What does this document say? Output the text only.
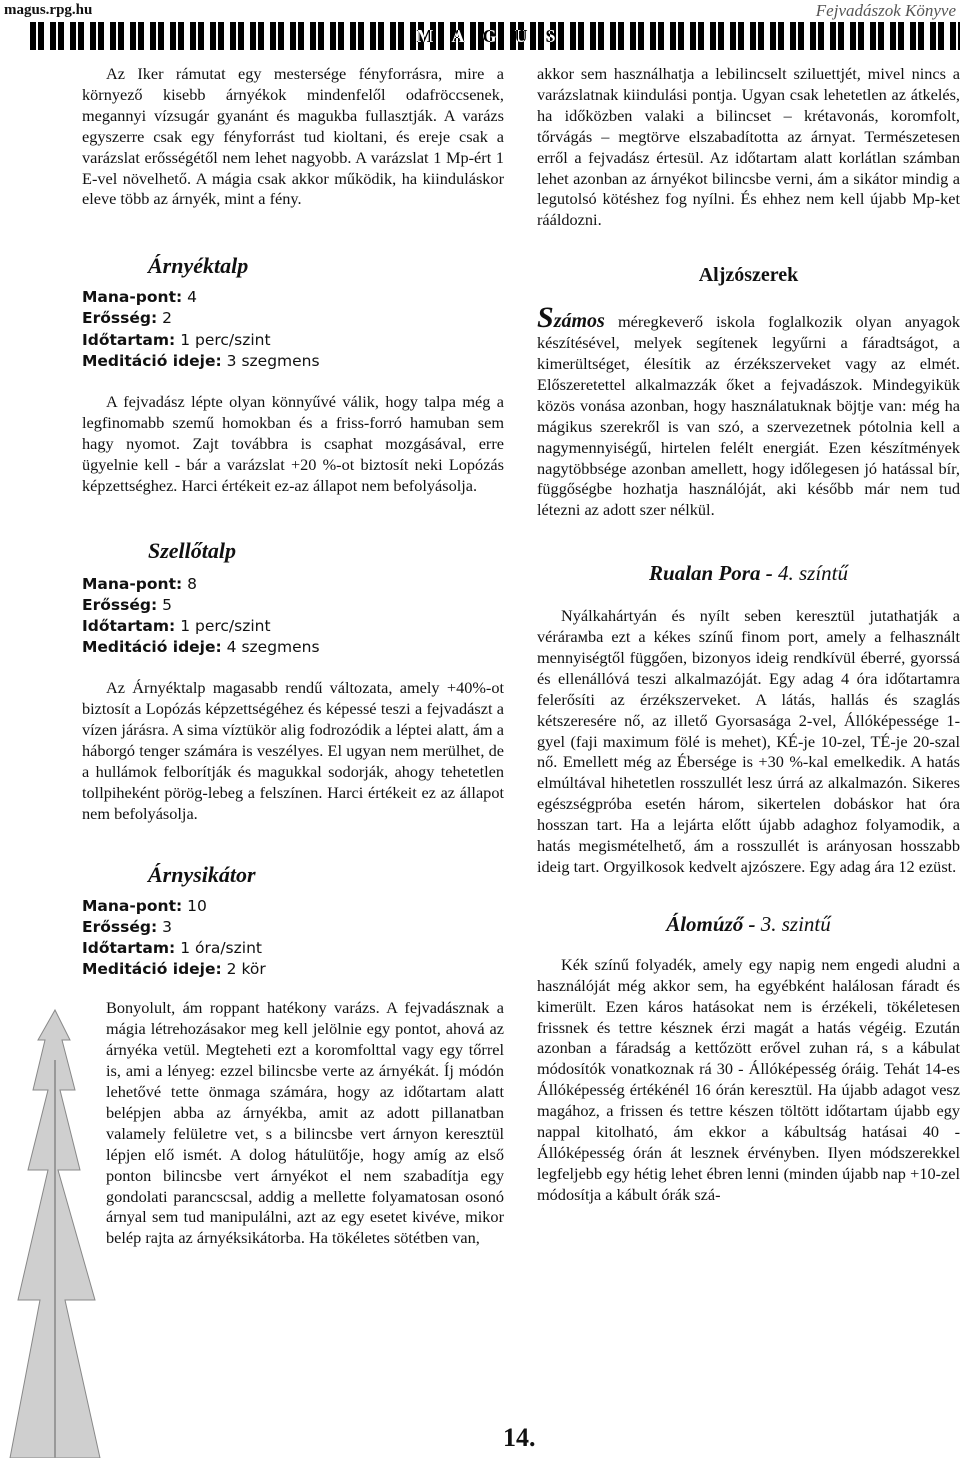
magus.rpg.hu	Fejvadászok Könyve
MAGUS

Az Iker rámutat egy mestersége fényforrásra, mire a környező kisebb árnyékok mindenfelől odafröccsenek, megannyi vízsugár gyanánt és magukba fullasztják. A varázs egyszerre csak egy fényforrást tud kioltani, és ereje csak a varázslat erősségétől nem lehet nagyobb. A varázslat 1 Mp-ért 1 E-vel növelhető. A mágia csak akkor működik, ha kiinduláskor eleve több az árnyék, mint a fény.

Árnyéktalp

Mana-pont: 4
Erősség: 2
Időtartam: 1 perc/szint
Meditáció ideje: 3 szegmens

A fejvadász lépte olyan könnyűvé válik, hogy talpa még a legfinomabb szemű homokban és a friss-forró hamuban sem hagy nyomot. Zajt továbbra is csaphat mozgásával, erre ügyelnie kell - bár a varázslat +20 %-ot biztosít neki Lopózás képzettséghez. Harci értékeit ez-az állapot nem befolyásolja.

Szellőtalp

Mana-pont: 8
Erősség: 5
Időtartam: 1 perc/szint
Meditáció ideje: 4 szegmens

Az Árnyéktalp magasabb rendű változata, amely +40%-ot biztosít a Lopózás képzettségéhez és képessé teszi a fejvadászt a vízen járásra. A sima víztükör alig fodrozódik a léptei alatt, ám a háborgó tenger számára is veszélyes. El ugyan nem merülhet, de a hullámok felborítják és magukkal sodorják, ahogy tehetetlen tollpiheként pörög-lebeg a felszínen. Harci értékeit ez az állapot nem befolyásolja.

Árnysikátor

Mana-pont: 10
Erősség: 3
Időtartam: 1 óra/szint
Meditáció ideje: 2 kör

Bonyolult, ám roppant hatékony varázs. A fejvadásznak a mágia létrehozásakor meg kell jelölnie egy pontot, ahová az árnyéka vetül. Megteheti ezt a koromfolttal vagy egy tőrrel is, ami a lényeg: ezzel bilincsbe verte az árnyékát. Íj módón lehetővé tette önmaga számára, hogy az időtartam alatt belépjen abba az árnyékba, amit az adott pillanatban valamely felületre vet, s a bilincsbe vert árnyon keresztül lépjen elő ismét. A dolog hátulütője, hogy amíg az első ponton bilincsbe vert árnyékot el nem szabadítja egy gondolati parancscsal, addig a mellette folyamatosan osonó árnyal sem tud manipulálni, azt az egy esetet kivéve, mikor belép rajta az árnyéksikátorba. Ha tökéletes sötétben van,

akkor sem használhatja a lebilincselt sziluettjét, mivel nincs a varázslatnak kiindulási pontja. Ugyan csak lehetetlen az átkelés, ha időközben valaki a bilincset – krétavonás, koromfolt, tőrvágás – megtörve elszabadította az árnyat. Természetesen erről a fejvadász értesül. Az időtartam alatt korlátlan számban lehet azonban az árnyékot bilincsbe verni, ám a sikátor mindig a legutolsó kötéshez fog nyílni. És ehhez nem kell újabb Mp-ket rááldozni.

Aljzószerek

Számos méregkeverő iskola foglalkozik olyan anyagok készítésével, melyek segítenek legyűrni a fáradtságot, a kimerültséget, élesítik az érzékszerveket vagy az elmét. Előszeretettel alkalmazzák őket a fejvadászok. Mindegyikük közös vonása azonban, hogy használatuknak böjtje van: még ha mágikus szerekről is van szó, a szervezetnek pótolnia kell a nagymennyiségű, hirtelen felélt energiát. Ezen készítmények nagytöbbsége azonban amellett, hogy időlegesen jó hatással bír, függőségbe hozhatja használóját, aki később már nem tud létezni az adott szer nélkül.

Rualan Pora - 4. színtű

Nyálkahártyán és nyílt seben keresztül jutathatják a vérárамba ezt a kékes színű finom port, amely a felhasznált mennyiségtől függően, bizonyos ideig rendkívül éberré, gyorssá és ellenállóvá teszi alkalmazóját. Egy adag 4 óra időtartamra felerősíti az érzékszerveket. A látás, hallás és szaglás kétszeresére nő, az illető Gyorsasága 2-vel, Állóképessége 1-gyel (faji maximum fölé is mehet), KÉ-je 10-zel, TÉ-je 20-szal nő. Emellett még az Ébersége is +30 %-kal emelkedik. A hatás elmúltával hihetetlen rosszullét lesz úrrá az alkalmazón. Sikeres egészségpróba esetén három, sikertelen dobáskor hat óra hosszan tart. Ha a lejárta előtt újabb adaghoz folyamodik, a hatás megismételhető, ám a rosszullét is arányosan hosszabb ideig tart. Orgyilkosok kedvelt ajzószere. Egy adag ára 12 ezüst.

Álomúző - 3. szintű

Kék színű folyadék, amely egy napig nem engedi aludni a használóját még akkor sem, ha egyébként halálosan fáradt és kimerült. Ezen káros hatásokat nem is érzékeli, tökéletesen frissnek és tettre késznek érzi magát a hatás végéig. Ezután azonban a fáradság a kettőzött erővel zuhan rá, s a kábulat módosítók vonatkoznak rá 30 - Állóképesség óráig. Tehát 14-es Állóképesség értékénél 16 órán keresztül. Ha újabb adagot vesz magához, a frissen és tettre készen töltött időtartam újabb egy nappal kitolható, ám ekkor a kábultság hatásai 40 - Állóképesség órán át lesznek érvényben. Ilyen módszerekkel legfeljebb egy hétig lehet ébren lenni (minden újabb nap +10-zel módosítja a kábult órák szá-

14.
